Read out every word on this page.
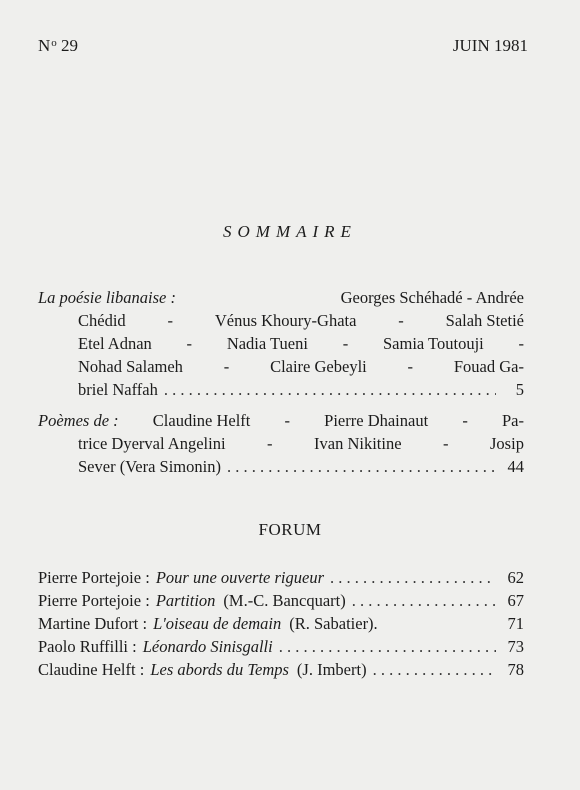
$N^o$ 29	JUIN 1981
SOMMAIRE
La poésie libanaise :	Georges Schéhadé - Andrée
Chédid	-	Vénus Khoury-Ghata	-	Salah Stetié
Etel Adnan - Nadia Tueni - Samia Toutouji -
Nohad Salameh - Claire Gebeyli - Fouad Ga-
briel Naffah . . .	5
Poèmes de : Claudine Helft - Pierre Dhainaut - Pa-
trice Dyerval Angelini	-	Ivan Nikitine	-	Josip
Sever (Vera Simonin) . . .	44
FORUM
Pierre Portejoie : Pour une ouverte rigueur . . .	62
Pierre Portejoie : Partition (M.-C. Bancquart) . . .	67
Martine Dufort : L'oiseau de demain (R. Sabatier).	71
Paolo Ruffilli : Léonardo Sinisgalli . . .	73
Claudine Helft : Les abords du Temps (J. Imbert) . . .	78
